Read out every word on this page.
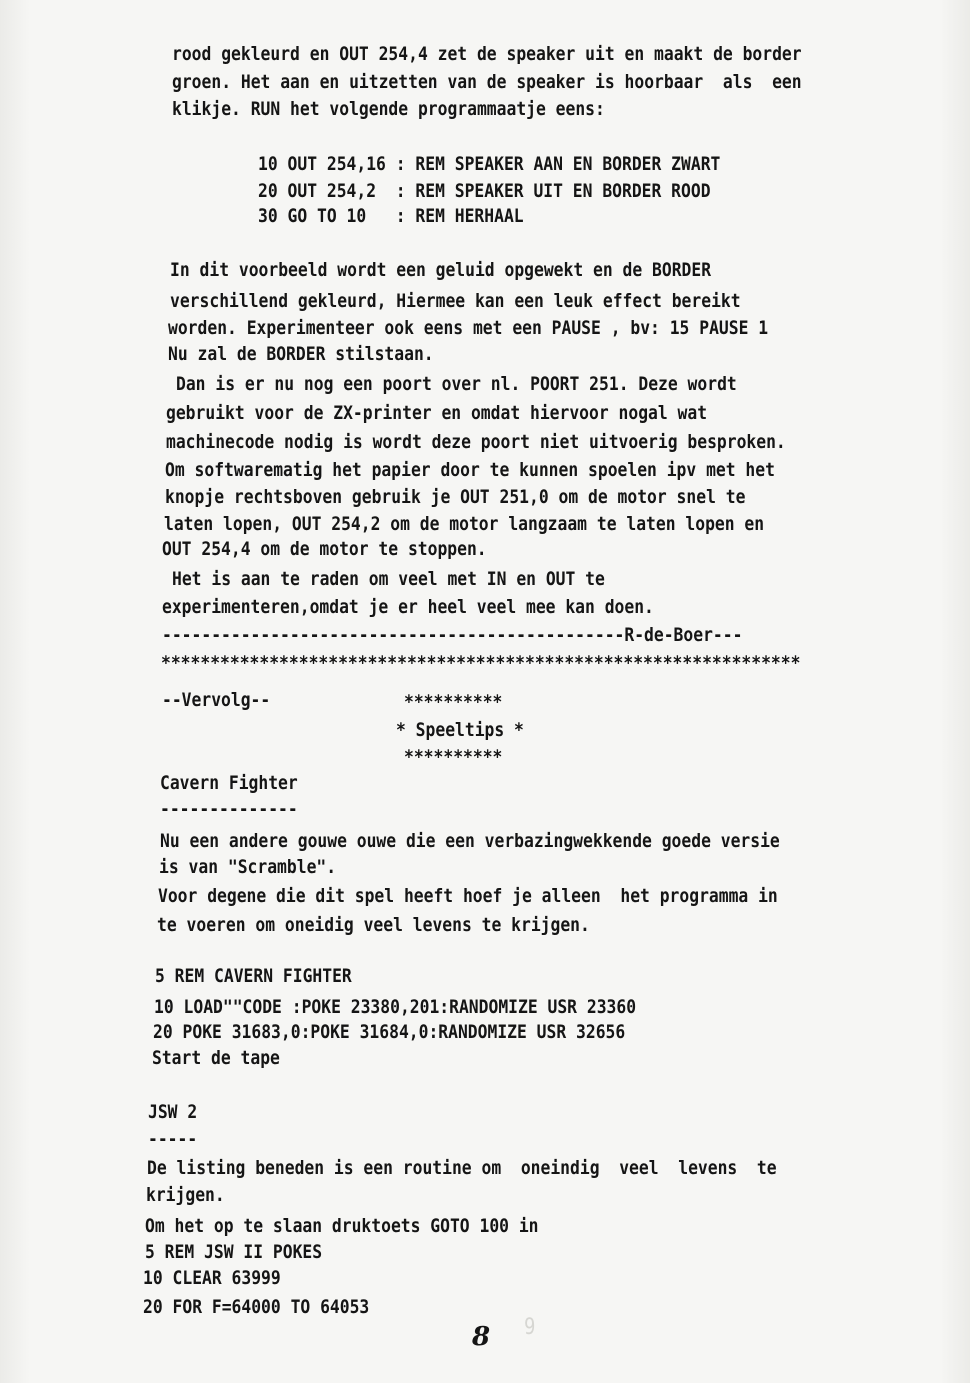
9
rood gekleurd en OUT 254,4 zet de speaker uit en maakt de border
groen. Het aan en uitzetten van de speaker is hoorbaar  als  een
klikje. RUN het volgende programmaatje eens:
10 OUT 254,16 : REM SPEAKER AAN EN BORDER ZWART
20 OUT 254,2  : REM SPEAKER UIT EN BORDER ROOD
30 GO TO 10   : REM HERHAAL
In dit voorbeeld wordt een geluid opgewekt en de BORDER
verschillend gekleurd, Hiermee kan een leuk effect bereikt
worden. Experimenteer ook eens met een PAUSE , bv: 15 PAUSE 1
Nu zal de BORDER stilstaan.
Dan is er nu nog een poort over nl. POORT 251. Deze wordt
gebruikt voor de ZX-printer en omdat hiervoor nogal wat
machinecode nodig is wordt deze poort niet uitvoerig besproken.
Om softwarematig het papier door te kunnen spoelen ipv met het
knopje rechtsboven gebruik je OUT 251,0 om de motor snel te
laten lopen, OUT 254,2 om de motor langzaam te laten lopen en
OUT 254,4 om de motor te stoppen.
Het is aan te raden om veel met IN en OUT te
experimenteren,omdat je er heel veel mee kan doen.
-----------------------------------------------R-de-Boer---
*****************************************************************
--Vervolg--	**********
* Speeltips *
**********
Cavern Fighter
--------------
Nu een andere gouwe ouwe die een verbazingwekkende goede versie
is van "Scramble".
Voor degene die dit spel heeft hoef je alleen  het programma in
te voeren om oneidig veel levens te krijgen.
5 REM CAVERN FIGHTER
10 LOAD""CODE :POKE 23380,201:RANDOMIZE USR 23360
20 POKE 31683,0:POKE 31684,0:RANDOMIZE USR 32656
Start de tape
JSW 2
-----
De listing beneden is een routine om  oneindig  veel  levens  te
krijgen.
Om het op te slaan druktoets GOTO 100 in
5 REM JSW II POKES
10 CLEAR 63999
20 FOR F=64000 TO 64053
8
